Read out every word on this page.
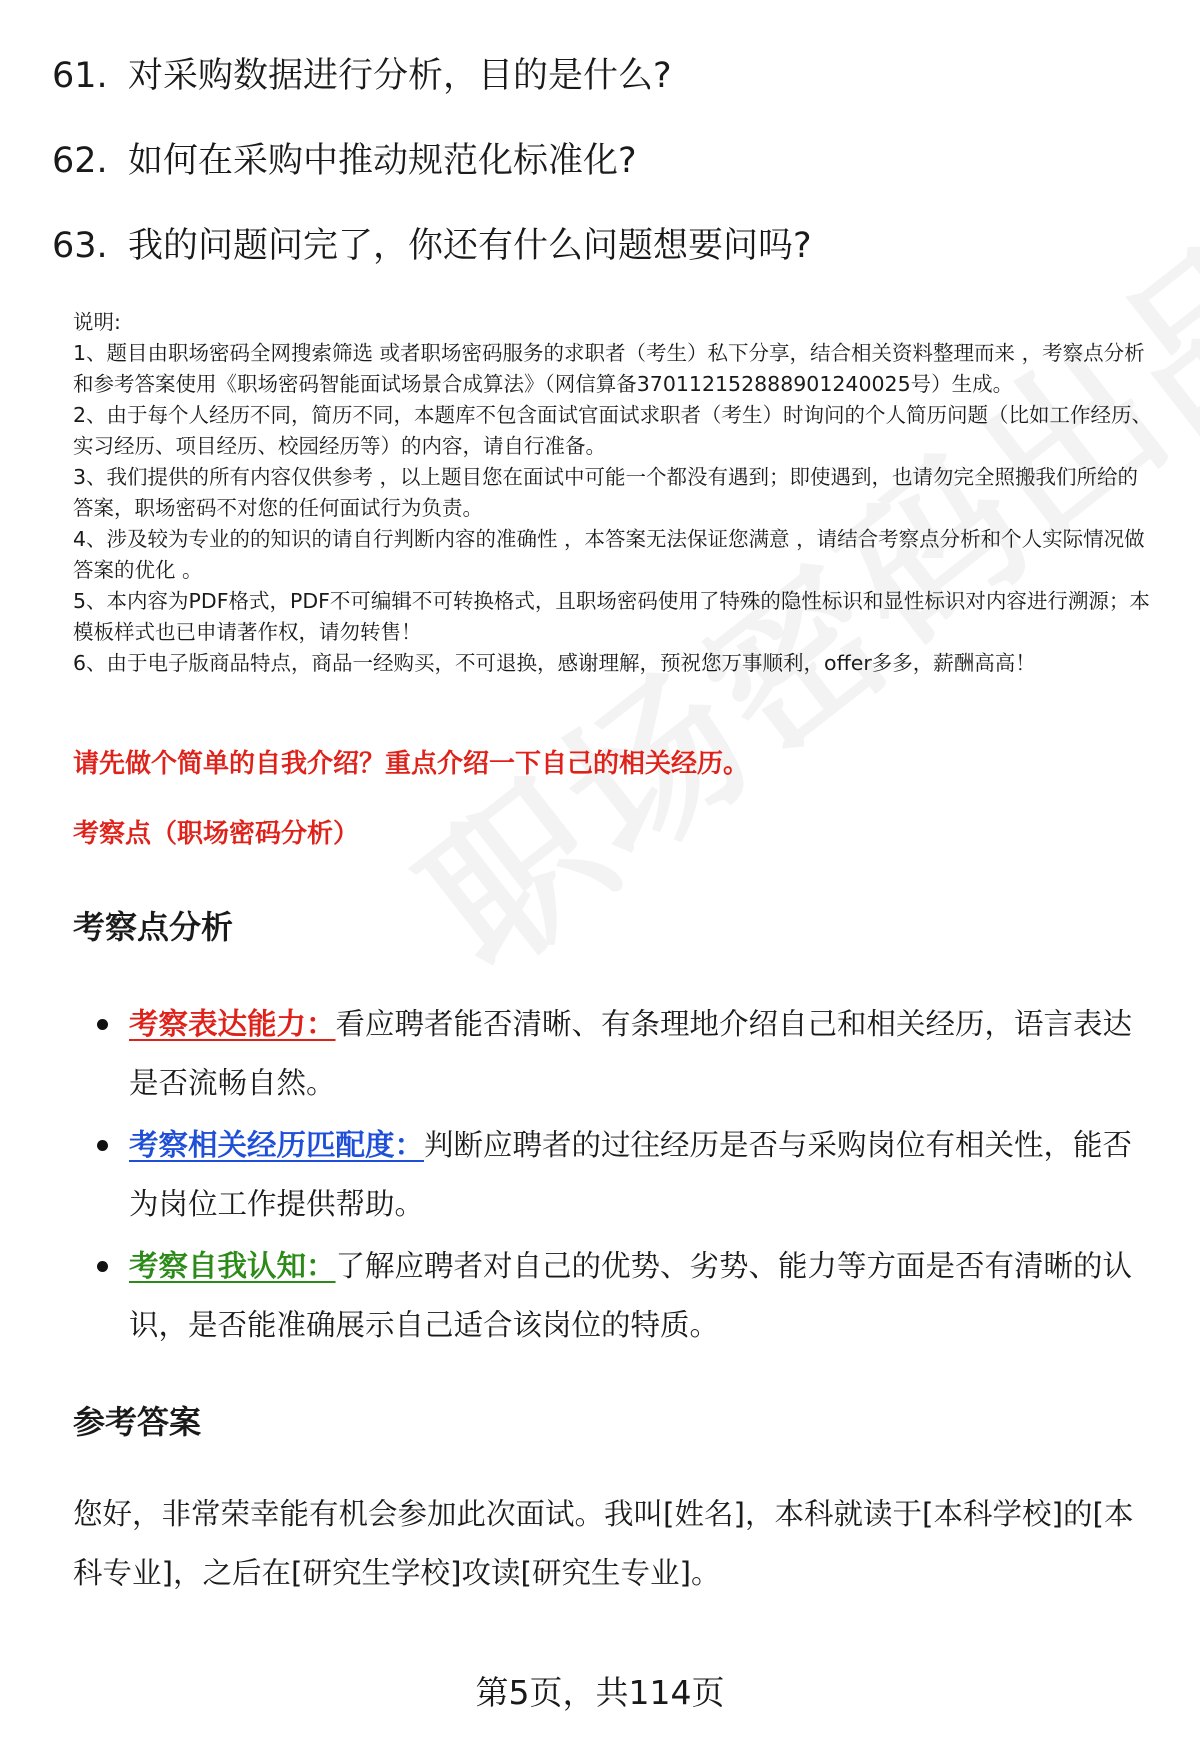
61. 对采购数据进行分析，目的是什么?
62. 如何在采购中推动规范化标准化?
63. 我的问题问完了，你还有什么问题想要问吗?

说明:

1、题目由职场密码全网搜索筛选 或者职场密码服务的求职者（考生）私下分享，结合相关资料整理而来 ，考察点分析和参考答案使用《职场密码智能面试场景合成算法》（网信算备370112152888901240025号）生成。

2、由于每个人经历不同，简历不同，本题库不包含面试官面试求职者（考生）时询问的个人简历问题（比如工作经历、实习经历、项目经历、校园经历等）的内容，请自行准备。

3、我们提供的所有内容仅供参考 ，以上题目您在面试中可能一个都没有遇到；即使遇到，也请勿完全照搬我们所给的答案，职场密码不对您的任何面试行为负责。

4、涉及较为专业的的知识的请自行判断内容的准确性 ，本答案无法保证您满意 ，请结合考察点分析和个人实际情况做答案的优化 。

5、本内容为PDF格式，PDF不可编辑不可转换格式，且职场密码使用了特殊的隐性标识和显性标识对内容进行溯源；本模板样式也已申请著作权，请勿转售！

6、由于电子版商品特点，商品一经购买，不可退换，感谢理解，预祝您万事顺利，offer多多，薪酬高高！

请先做个简单的自我介绍？重点介绍一下自己的相关经历。
考察点（职场密码分析）
考察点分析
考察表达能力：看应聘者能否清晰、有条理地介绍自己和相关经历，语言表达是否流畅自然。
考察相关经历匹配度：判断应聘者的过往经历是否与采购岗位有相关性，能否为岗位工作提供帮助。
考察自我认知：了解应聘者对自己的优势、劣势、能力等方面是否有清晰的认识，是否能准确展示自己适合该岗位的特质。
参考答案
您好，非常荣幸能有机会参加此次面试。我叫[姓名]，本科就读于[本科学校]的[本科专业]，之后在[研究生学校]攻读[研究生专业]。
第5页，共114页
